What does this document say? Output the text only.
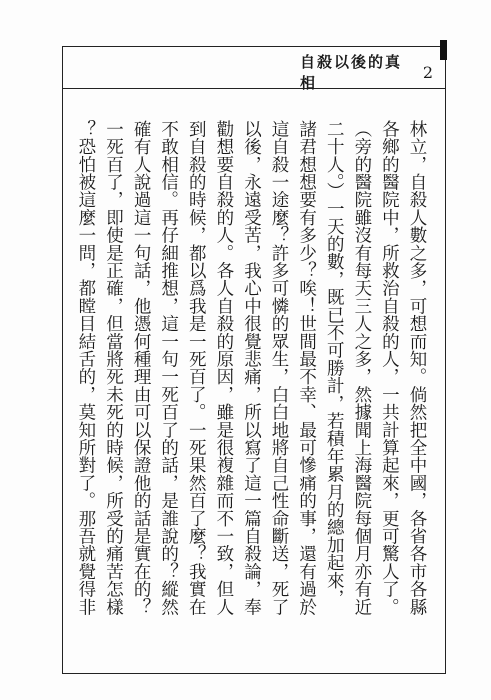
自殺以後的真相
2
林立，自殺人數之多，可想而知。倘然把全中國，各省各市各縣
各鄉的醫院中，所救治自殺的人，一共計算起來，更可驚人了。
（旁的醫院雖沒有每天三人之多，然據聞上海醫院每個月亦有近
二十人。）一天的數，既已不可勝計，若積年累月的總加起來，
諸君想想要有多少？唉！世間最不幸、最可慘痛的事，還有過於
這自殺一途麼？許多可憐的眾生，白白地將自己性命斷送，死了
以後，永遠受苦，我心中很覺悲痛，所以寫了這一篇自殺論，奉
勸想要自殺的人。各人自殺的原因，雖是很複雜而不一致，但人
到自殺的時候，都以爲我是一死百了。一死果然百了麼？我實在
不敢相信。再仔細推想，這一句一死百了的話，是誰說的？縱然
確有人說過這一句話，他憑何種理由可以保證他的話是實在的？
一死百了，即使是正確，但當將死未死的時候，所受的痛苦怎樣
？恐怕被這麼一問，都瞠目結舌的，莫知所對了。那吾就覺得非
